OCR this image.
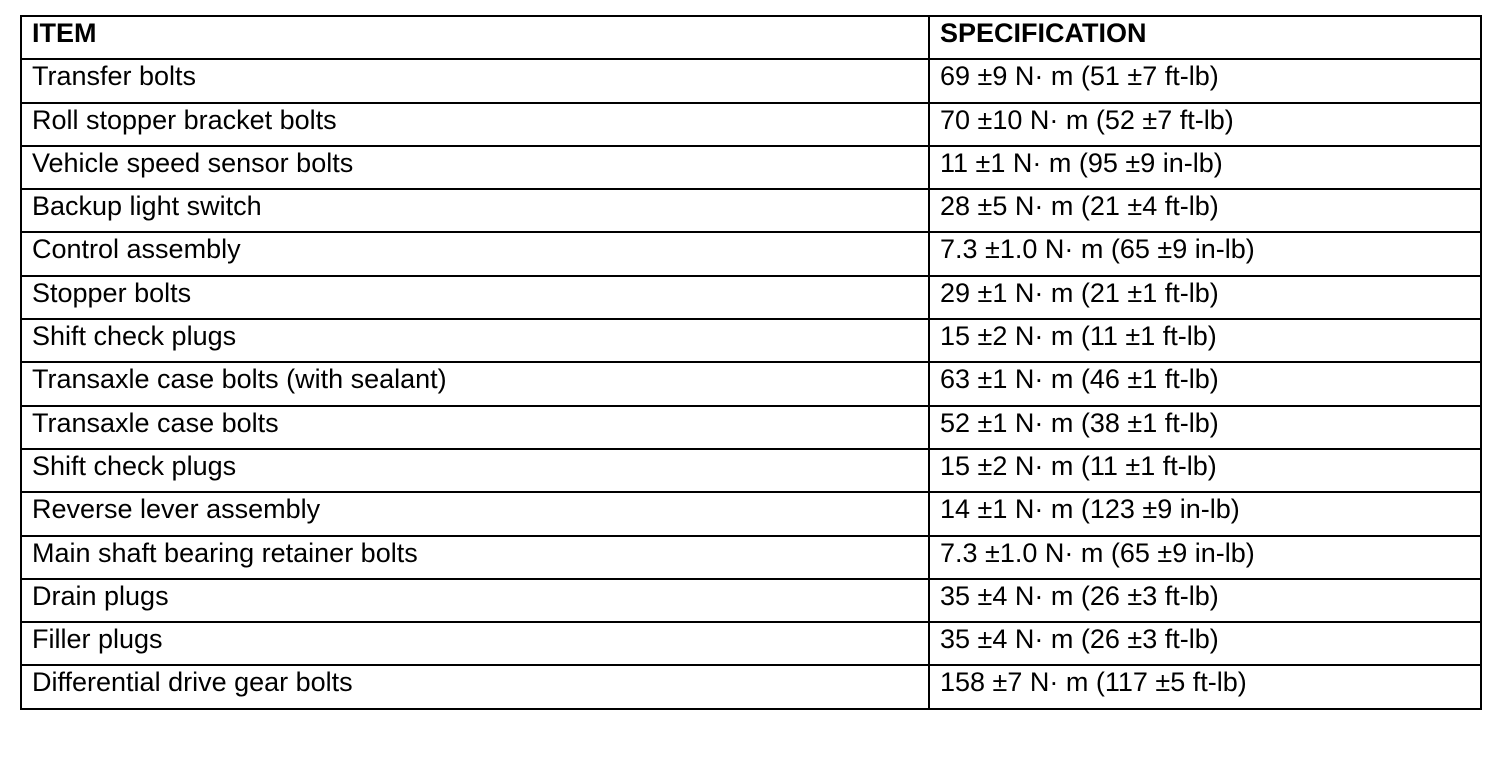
ITEM	SPECIFICATION
Transfer bolts	69 ±9 N· m (51 ±7 ft-lb)
Roll stopper bracket bolts	70 ±10 N· m (52 ±7 ft-lb)
Vehicle speed sensor bolts	11 ±1 N· m (95 ±9 in-lb)
Backup light switch	28 ±5 N· m (21 ±4 ft-lb)
Control assembly	7.3 ±1.0 N· m (65 ±9 in-lb)
Stopper bolts	29 ±1 N· m (21 ±1 ft-lb)
Shift check plugs	15 ±2 N· m (11 ±1 ft-lb)
Transaxle case bolts (with sealant)	63 ±1 N· m (46 ±1 ft-lb)
Transaxle case bolts	52 ±1 N· m (38 ±1 ft-lb)
Shift check plugs	15 ±2 N· m (11 ±1 ft-lb)
Reverse lever assembly	14 ±1 N· m (123 ±9 in-lb)
Main shaft bearing retainer bolts	7.3 ±1.0 N· m (65 ±9 in-lb)
Drain plugs	35 ±4 N· m (26 ±3 ft-lb)
Filler plugs	35 ±4 N· m (26 ±3 ft-lb)
Differential drive gear bolts	158 ±7 N· m (117 ±5 ft-lb)
